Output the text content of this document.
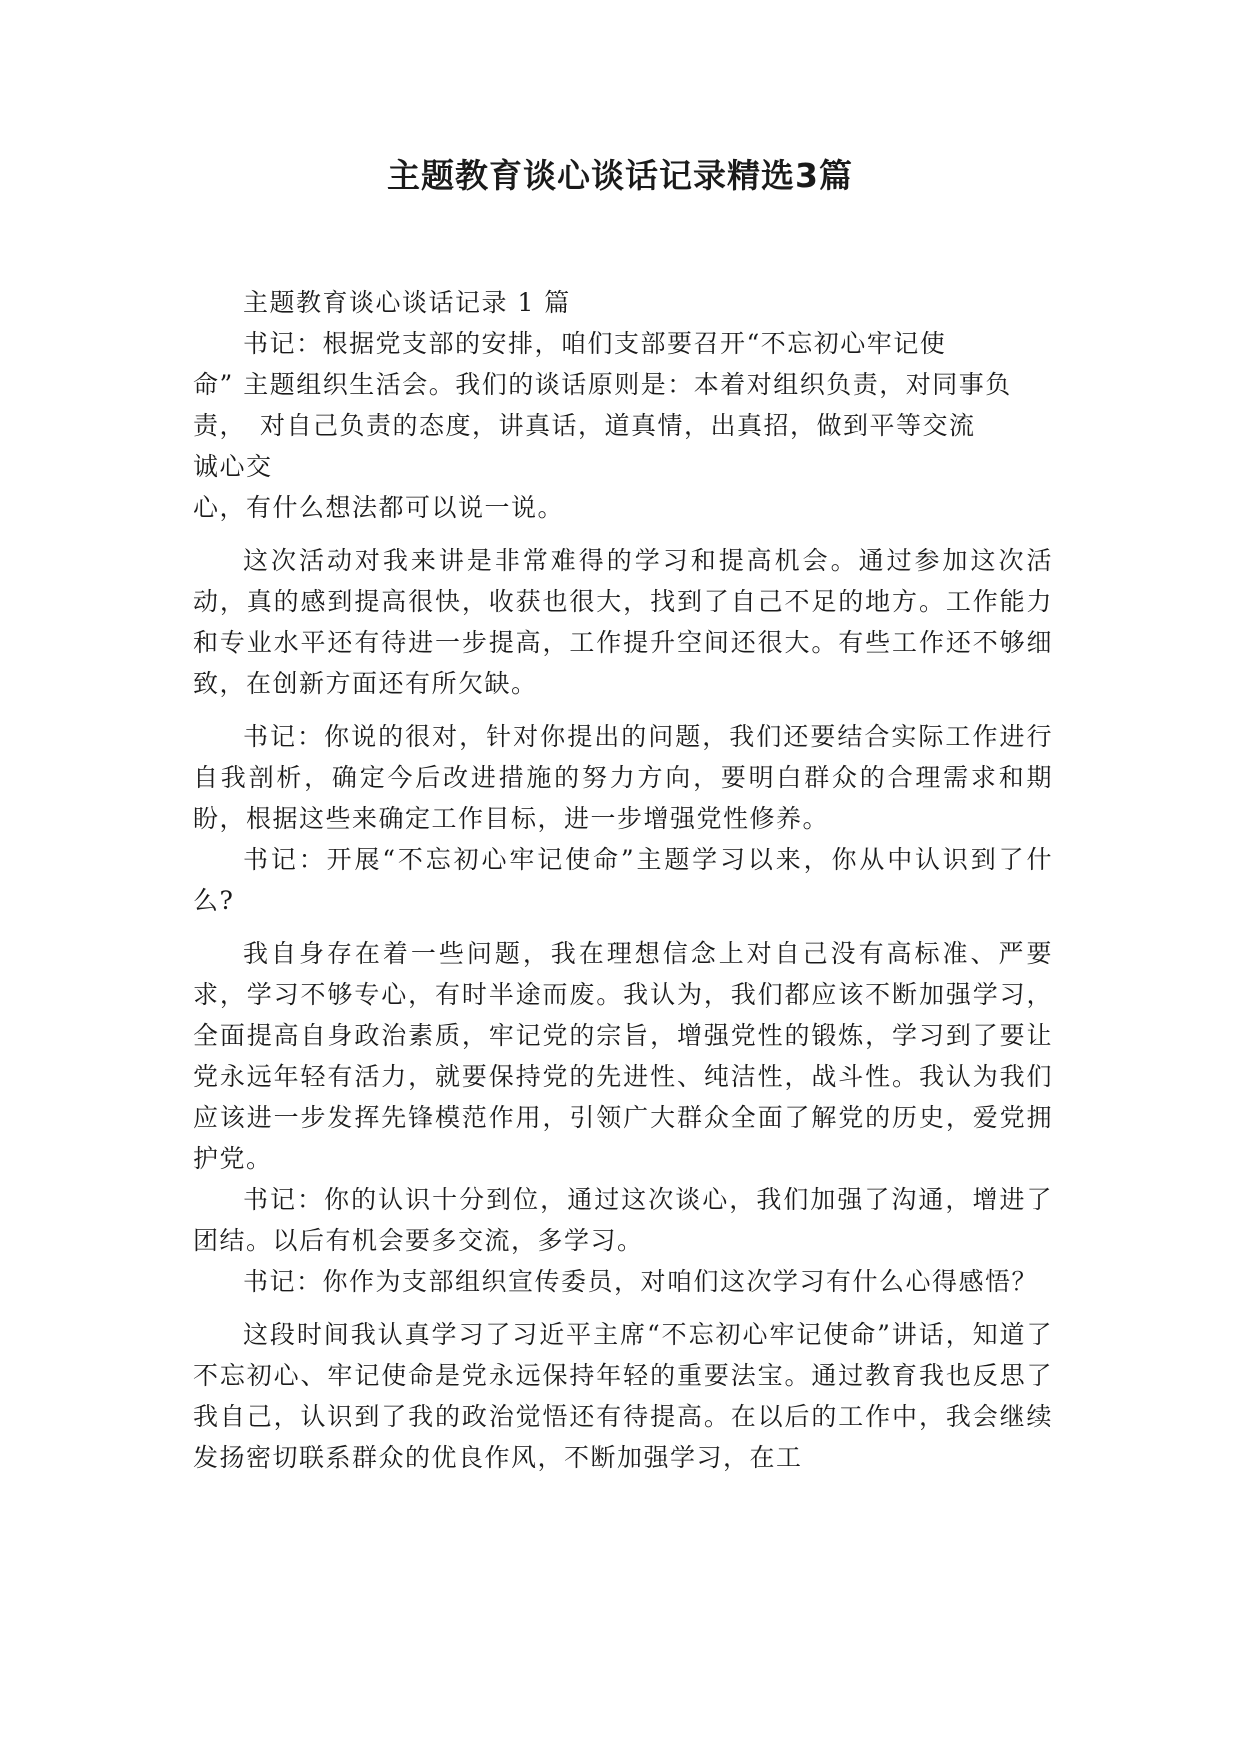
主题教育谈心谈话记录精选3篇

主题教育谈心谈话记录 1 篇

书记：根据党支部的安排，咱们支部要召开“不忘初心牢记使

命” 主题组织生活会。我们的谈话原则是：本着对组织负责，对同事负

责，　对自己负责的态度，讲真话，道真情，出真招，做到平等交流

诚心交

心，有什么想法都可以说一说。

这次活动对我来讲是非常难得的学习和提高机会。通过参加这次活动，真的感到提高很快，收获也很大，找到了自己不足的地方。工作能力和专业水平还有待进一步提高，工作提升空间还很大。有些工作还不够细致，在创新方面还有所欠缺。

书记：你说的很对，针对你提出的问题，我们还要结合实际工作进行自我剖析，确定今后改进措施的努力方向，要明白群众的合理需求和期盼，根据这些来确定工作目标，进一步增强党性修养。

书记：开展“不忘初心牢记使命”主题学习以来，你从中认识到了什么?

我自身存在着一些问题，我在理想信念上对自己没有高标准、严要求，学习不够专心，有时半途而废。我认为，我们都应该不断加强学习，全面提高自身政治素质，牢记党的宗旨，增强党性的锻炼，学习到了要让党永远年轻有活力，就要保持党的先进性、纯洁性，战斗性。我认为我们应该进一步发挥先锋模范作用，引领广大群众全面了解党的历史，爱党拥护党。

书记：你的认识十分到位，通过这次谈心，我们加强了沟通，增进了团结。以后有机会要多交流，多学习。

书记：你作为支部组织宣传委员，对咱们这次学习有什么心得感悟？

这段时间我认真学习了习近平主席“不忘初心牢记使命”讲话，知道了不忘初心、牢记使命是党永远保持年轻的重要法宝。通过教育我也反思了我自己，认识到了我的政治觉悟还有待提高。在以后的工作中，我会继续发扬密切联系群众的优良作风，不断加强学习，在工
